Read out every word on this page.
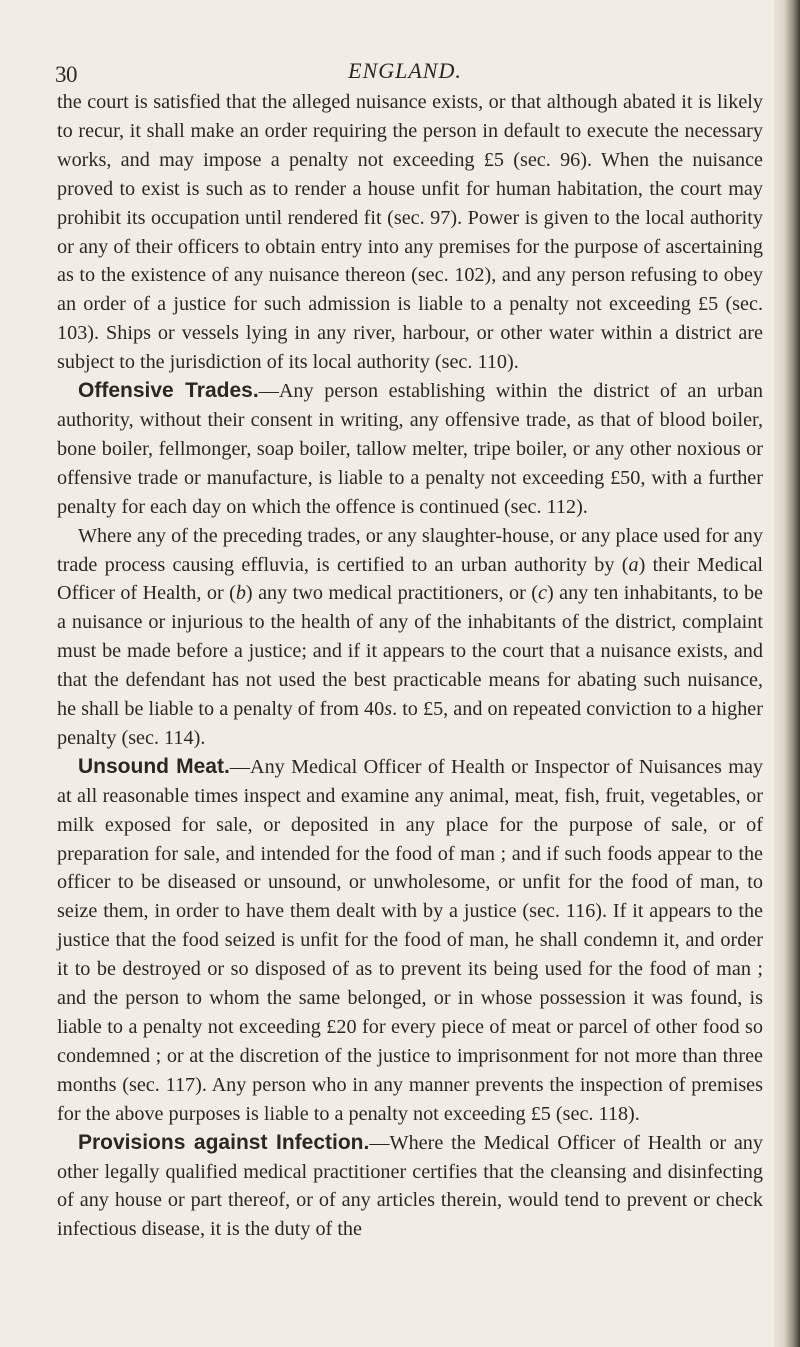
30	ENGLAND.

the court is satisfied that the alleged nuisance exists, or that although abated it is likely to recur, it shall make an order requiring the person in default to execute the necessary works, and may impose a penalty not exceeding £5 (sec. 96). When the nuisance proved to exist is such as to render a house unfit for human habitation, the court may prohibit its occupation until rendered fit (sec. 97). Power is given to the local authority or any of their officers to obtain entry into any premises for the purpose of ascertaining as to the existence of any nuisance thereon (sec. 102), and any person refusing to obey an order of a justice for such admission is liable to a penalty not exceeding £5 (sec. 103). Ships or vessels lying in any river, harbour, or other water within a district are subject to the jurisdiction of its local authority (sec. 110).

Offensive Trades.—Any person establishing within the district of an urban authority, without their consent in writing, any offensive trade, as that of blood boiler, bone boiler, fellmonger, soap boiler, tallow melter, tripe boiler, or any other noxious or offensive trade or manufacture, is liable to a penalty not exceeding £50, with a further penalty for each day on which the offence is continued (sec. 112).

Where any of the preceding trades, or any slaughter-house, or any place used for any trade process causing effluvia, is certified to an urban authority by (a) their Medical Officer of Health, or (b) any two medical practitioners, or (c) any ten inhabitants, to be a nuisance or injurious to the health of any of the inhabitants of the district, complaint must be made before a justice; and if it appears to the court that a nuisance exists, and that the defendant has not used the best practicable means for abating such nuisance, he shall be liable to a penalty of from 40s. to £5, and on repeated conviction to a higher penalty (sec. 114).

Unsound Meat.—Any Medical Officer of Health or Inspector of Nuisances may at all reasonable times inspect and examine any animal, meat, fish, fruit, vegetables, or milk exposed for sale, or deposited in any place for the purpose of sale, or of preparation for sale, and intended for the food of man ; and if such foods appear to the officer to be diseased or unsound, or unwholesome, or unfit for the food of man, to seize them, in order to have them dealt with by a justice (sec. 116). If it appears to the justice that the food seized is unfit for the food of man, he shall condemn it, and order it to be destroyed or so disposed of as to prevent its being used for the food of man ; and the person to whom the same belonged, or in whose possession it was found, is liable to a penalty not exceeding £20 for every piece of meat or parcel of other food so condemned ; or at the discretion of the justice to imprisonment for not more than three months (sec. 117). Any person who in any manner prevents the inspection of premises for the above purposes is liable to a penalty not exceeding £5 (sec. 118).

Provisions against Infection.—Where the Medical Officer of Health or any other legally qualified medical practitioner certifies that the cleansing and disinfecting of any house or part thereof, or of any articles therein, would tend to prevent or check infectious disease, it is the duty of the
